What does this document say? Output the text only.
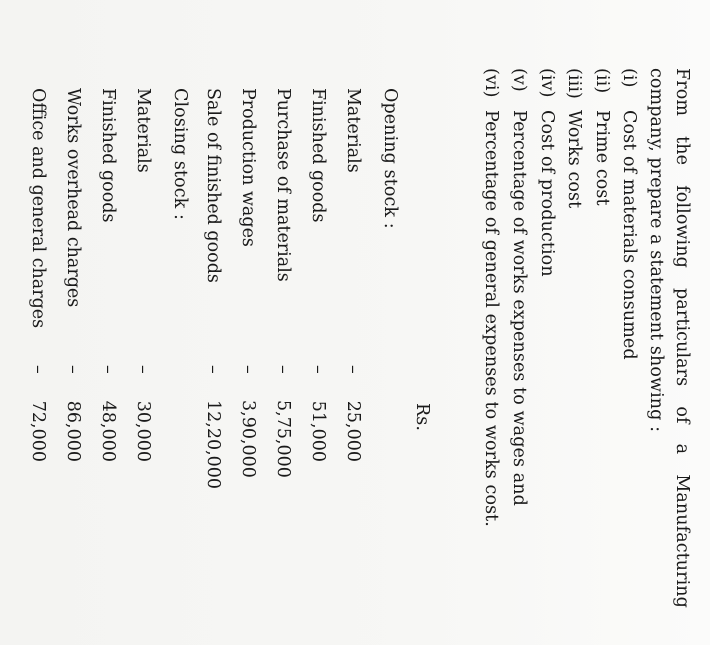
From
the
following
particulars
of
a
Manufacturing
company, prepare a statement showing :
(i)Cost of materials consumed
(ii)Prime cost
(iii)Works cost
(iv)Cost of production
(v)Percentage of works expenses to wages and
(vi)Percentage of general expenses to works cost.
Rs.
Opening stock :
Materials
–
25,000
Finished goods
–
51,000
Purchase of materials
–
5,75,000
Production wages
–
3,90,000
Sale of finished goods
–
12,20,000
Closing stock :
Materials
–
30,000
Finished goods
–
48,000
Works overhead charges
–
86,000
Office and general charges
–
72,000
